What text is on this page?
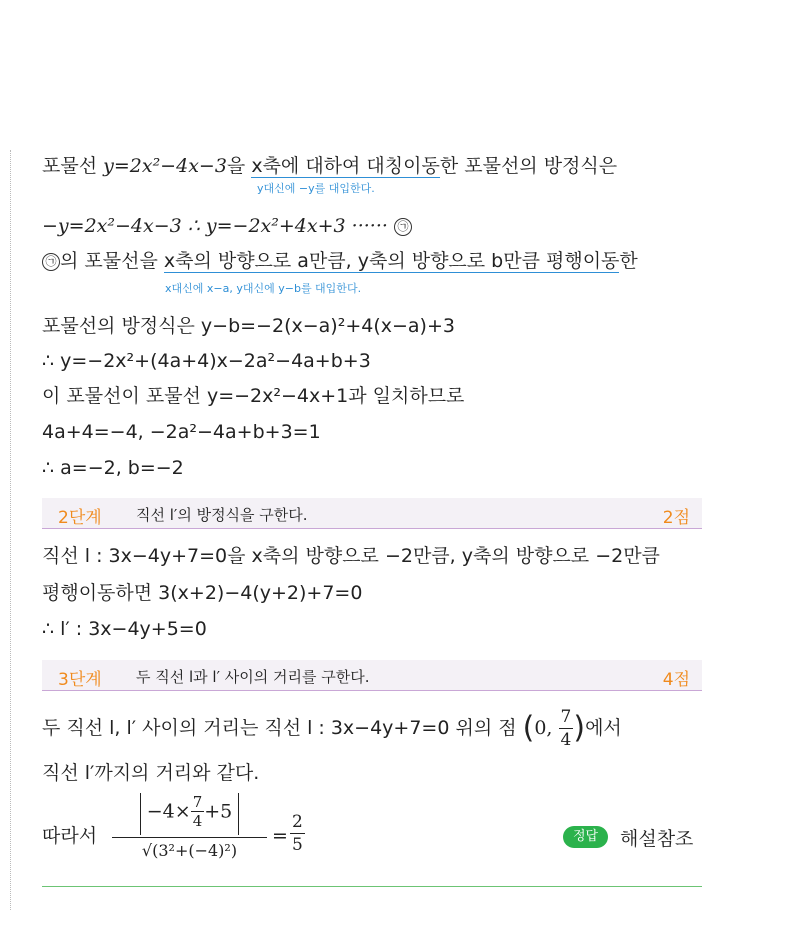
포물선 y=2x²−4x−3을 x축에 대하여 대칭이동한 포물선의 방정식은
y대신에 −y를 대입한다.
−y=2x²−4x−3 ∴ y=−2x²+4x+3 ······ ㉠
㉠ 의 포물선을 x축의 방향으로 a만큼, y축의 방향으로 b만큼 평행이동한
x대신에 x−a, y대신에 y−b를 대입한다.
포물선의 방정식은 y−b=−2(x−a)²+4(x−a)+3
∴ y=−2x²+(4a+4)x−2a²−4a+b+3
이 포물선이 포물선 y=−2x²−4x+1과 일치하므로
4a+4=−4, −2a²−4a+b+3=1
∴ a=−2, b=−2
2단계 직선 l′의 방정식을 구한다.	2점
직선 l : 3x−4y+7=0을 x축의 방향으로 −2만큼, y축의 방향으로 −2만큼
평행이동하면 3(x+2)−4(y+2)+7=0
∴ l′ : 3x−4y+5=0
3단계 두 직선 l과 l′ 사이의 거리를 구한다.	4점
두 직선 l, l′ 사이의 거리는 직선 l : 3x−4y+7=0 위의 점 (0, $\frac{7}{4}$ )에서
직선 l′까지의 거리와 같다.
따라서
$-4\times \frac{7}{4} +5$
√(3²+(−4)²)
= $\frac{2}{5}$	정답	해설참조
